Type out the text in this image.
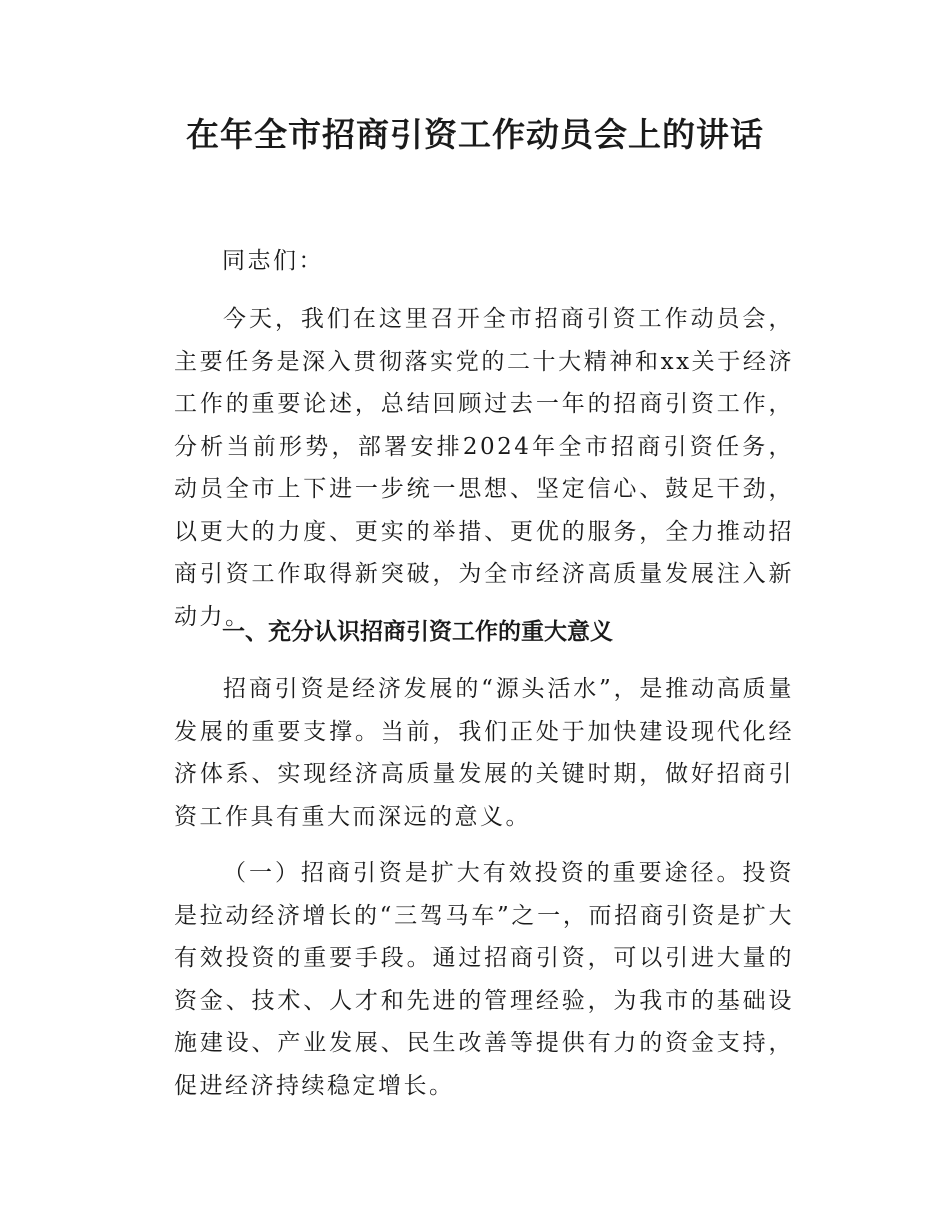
在年全市招商引资工作动员会上的讲话

同志们：

今天，我们在这里召开全市招商引资工作动员会，主要任务是深入贯彻落实党的二十大精神和xx关于经济工作的重要论述，总结回顾过去一年的招商引资工作，分析当前形势，部署安排2024年全市招商引资任务，动员全市上下进一步统一思想、坚定信心、鼓足干劲，以更大的力度、更实的举措、更优的服务，全力推动招商引资工作取得新突破，为全市经济高质量发展注入新动力。

一、充分认识招商引资工作的重大意义

招商引资是经济发展的“源头活水”，是推动高质量发展的重要支撑。当前，我们正处于加快建设现代化经济体系、实现经济高质量发展的关键时期，做好招商引资工作具有重大而深远的意义。

（一）招商引资是扩大有效投资的重要途径。投资是拉动经济增长的“三驾马车”之一，而招商引资是扩大有效投资的重要手段。通过招商引资，可以引进大量的资金、技术、人才和先进的管理经验，为我市的基础设施建设、产业发展、民生改善等提供有力的资金支持，促进经济持续稳定增长。
